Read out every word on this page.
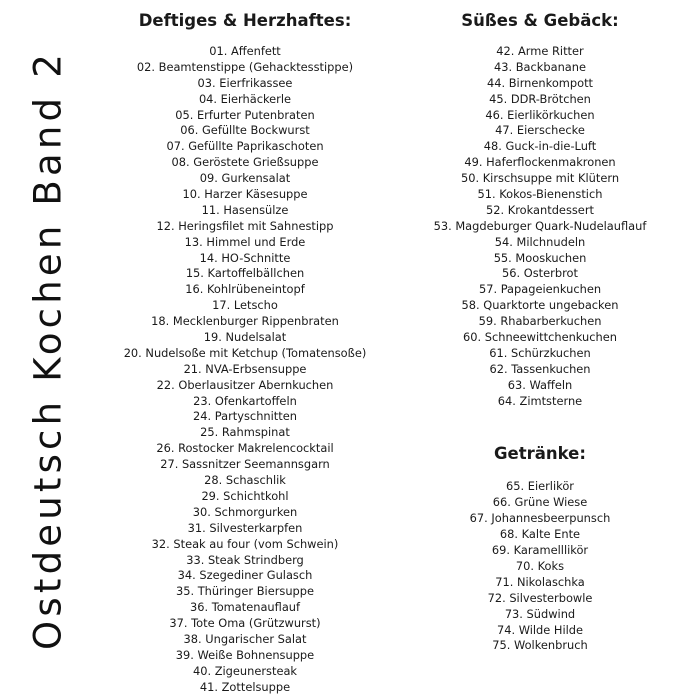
Ostdeutsch Kochen Band 2
Deftiges & Herzhaftes:
01. Affenfett
02. Beamtenstippe (Gehacktesstippe)
03. Eierfrikassee
04. Eierhäckerle
05. Erfurter Putenbraten
06. Gefüllte Bockwurst
07. Gefüllte Paprikaschoten
08. Geröstete Grießsuppe
09. Gurkensalat
10. Harzer Käsesuppe
11. Hasensülze
12. Heringsfilet mit Sahnestipp
13. Himmel und Erde
14. HO-Schnitte
15. Kartoffelbällchen
16. Kohlrübeneintopf
17. Letscho
18. Mecklenburger Rippenbraten
19. Nudelsalat
20. Nudelsoße mit Ketchup (Tomatensoße)
21. NVA-Erbsensuppe
22. Oberlausitzer Abernkuchen
23. Ofenkartoffeln
24. Partyschnitten
25. Rahmspinat
26. Rostocker Makrelencocktail
27. Sassnitzer Seemannsgarn
28. Schaschlik
29. Schichtkohl
30. Schmorgurken
31. Silvesterkarpfen
32. Steak au four (vom Schwein)
33. Steak Strindberg
34. Szegediner Gulasch
35. Thüringer Biersuppe
36. Tomatenauflauf
37. Tote Oma (Grützwurst)
38. Ungarischer Salat
39. Weiße Bohnensuppe
40. Zigeunersteak
41. Zottelsuppe
Süßes & Gebäck:
42. Arme Ritter
43. Backbanane
44. Birnenkompott
45. DDR-Brötchen
46. Eierlikörkuchen
47. Eierschecke
48. Guck-in-die-Luft
49. Haferflockenmakronen
50. Kirschsuppe mit Klütern
51. Kokos-Bienenstich
52. Krokantdessert
53. Magdeburger Quark-Nudelauflauf
54. Milchnudeln
55. Mooskuchen
56. Osterbrot
57. Papageienkuchen
58. Quarktorte ungebacken
59. Rhabarberkuchen
60. Schneewittchenkuchen
61. Schürzkuchen
62. Tassenkuchen
63. Waffeln
64. Zimtsterne
Getränke:
65. Eierlikör
66. Grüne Wiese
67. Johannesbeerpunsch
68. Kalte Ente
69. Karamelllikör
70. Koks
71. Nikolaschka
72. Silvesterbowle
73. Südwind
74. Wilde Hilde
75. Wolkenbruch
